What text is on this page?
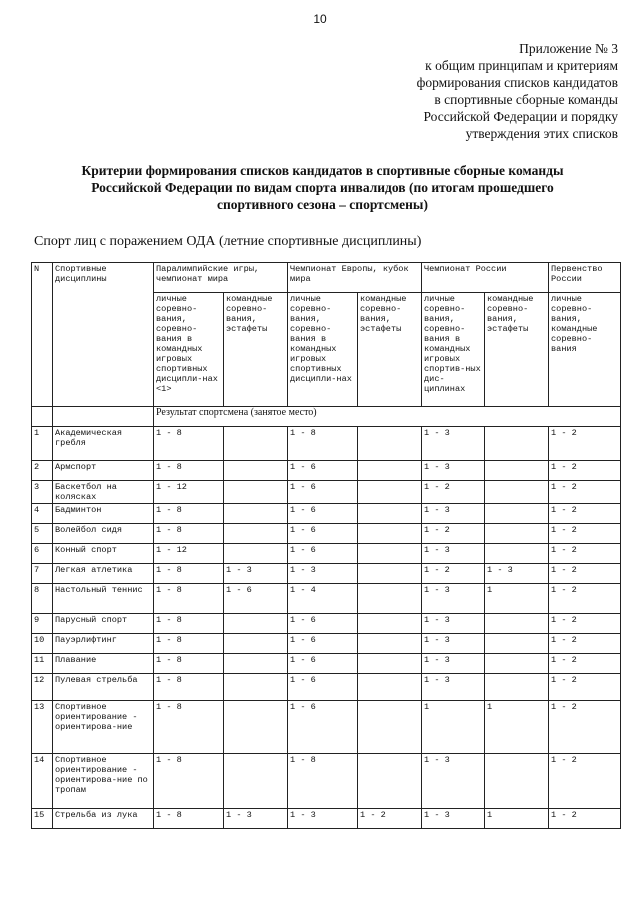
10
Приложение № 3
к общим принципам и критериям
формирования списков кандидатов
в спортивные сборные команды
Российской Федерации и порядку
утверждения этих списков
Критерии формирования списков кандидатов в спортивные сборные команды
Российской Федерации по видам спорта инвалидов (по итогам прошедшего
спортивного сезона – спортсмены)
Спорт лиц с поражением ОДА (летние спортивные дисциплины)
N	Спортивные дисциплины	Паралимпийские игры, чемпионат мира		Чемпионат Европы, кубок мира		Чемпионат России		Первенство России
		личные соревно-вания, соревно-вания в командных игровых спортивных дисципли-нах <1>	командные соревно-вания, эстафеты	личные соревно-вания, соревно-вания в командных игровых спортивных дисципли-нах	командные соревно-вания, эстафеты	личные соревно-вания, соревно-вания в командных игровых спортив-ных дис-циплинах	командные соревно-вания, эстафеты	личные соревно-вания, командные соревно-вания
		Результат спортсмена (занятое место)						
1	Академическая гребля	1 - 8		1 - 8		1 - 3		1 - 2
2	Армспорт	1 - 8		1 - 6		1 - 3		1 - 2
3	Баскетбол на колясках	1 - 12		1 - 6		1 - 2		1 - 2
4	Бадминтон	1 - 8		1 - 6		1 - 3		1 - 2
5	Волейбол сидя	1 - 8		1 - 6		1 - 2		1 - 2
6	Конный спорт	1 - 12		1 - 6		1 - 3		1 - 2
7	Легкая атлетика	1 - 8	1 - 3	1 - 3		1 - 2	1 - 3	1 - 2
8	Настольный теннис	1 - 8	1 - 6	1 - 4		1 - 3	1	1 - 2
9	Парусный спорт	1 - 8		1 - 6		1 - 3		1 - 2
10	Пауэрлифтинг	1 - 8		1 - 6		1 - 3		1 - 2
11	Плавание	1 - 8		1 - 6		1 - 3		1 - 2
12	Пулевая стрельба	1 - 8		1 - 6		1 - 3		1 - 2
13	Спортивное ориентирование - ориентирова-ние	1 - 8		1 - 6		1	1	1 - 2
14	Спортивное ориентирование - ориентирова-ние по тропам	1 - 8		1 - 8		1 - 3		1 - 2
15	Стрельба из лука	1 - 8	1 - 3	1 - 3	1 - 2	1 - 3	1	1 - 2
